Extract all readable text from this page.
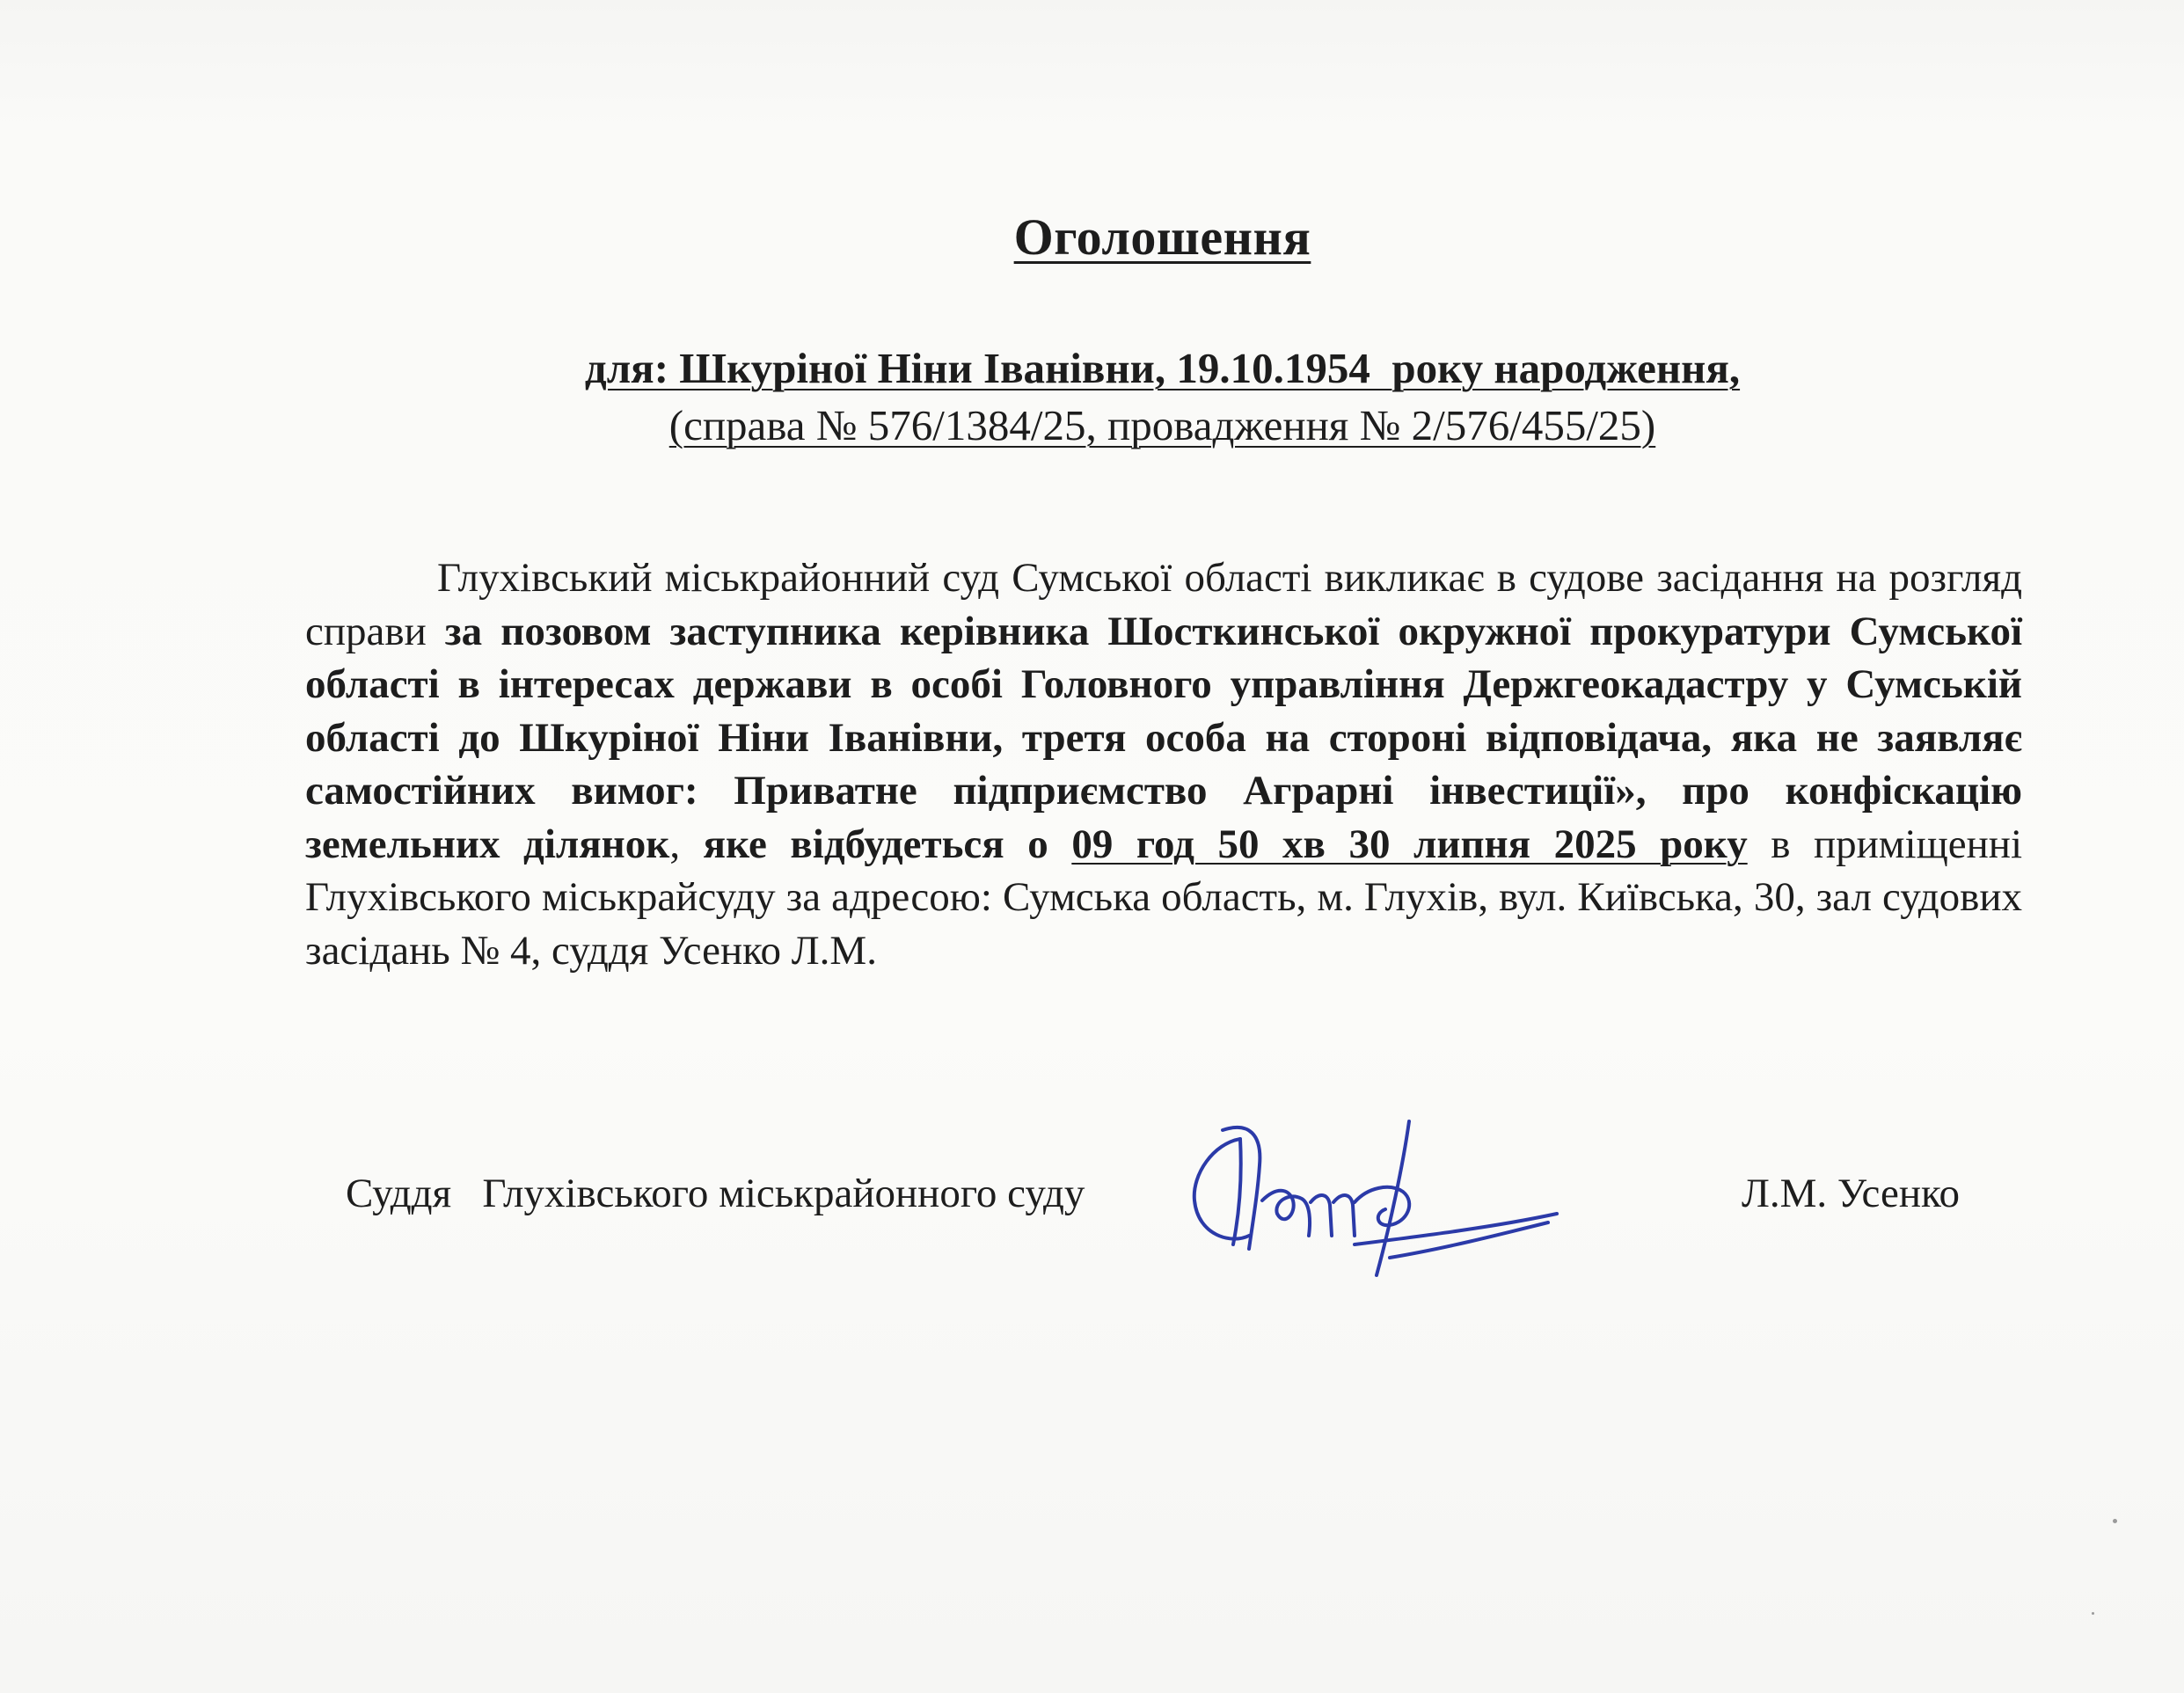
Оголошення
для: Шкуріної Ніни Іванівни, 19.10.1954  року народження,
(справа № 576/1384/25, провадження № 2/576/455/25)

Глухівський міськрайонний суд Сумської області викликає в судове засідання на розгляд справи за позовом заступника керівника Шосткинської окружної прокуратури Сумської області в інтересах держави в особі Головного управління Держгеокадастру у Сумській області до Шкуріної Ніни Іванівни, третя особа на стороні відповідача, яка не заявляє самостійних вимог: Приватне підприємство Аграрні інвестиції», про конфіскацію земельних ділянок, яке відбудеться о 09 год 50 хв 30 липня 2025 року в приміщенні Глухівського міськрайсуду за адресою: Сумська область, м. Глухів, вул. Київська, 30, зал судових засідань № 4, суддя Усенко Л.М.

Суддя   Глухівського міськрайонного суду	Л.М. Усенко
